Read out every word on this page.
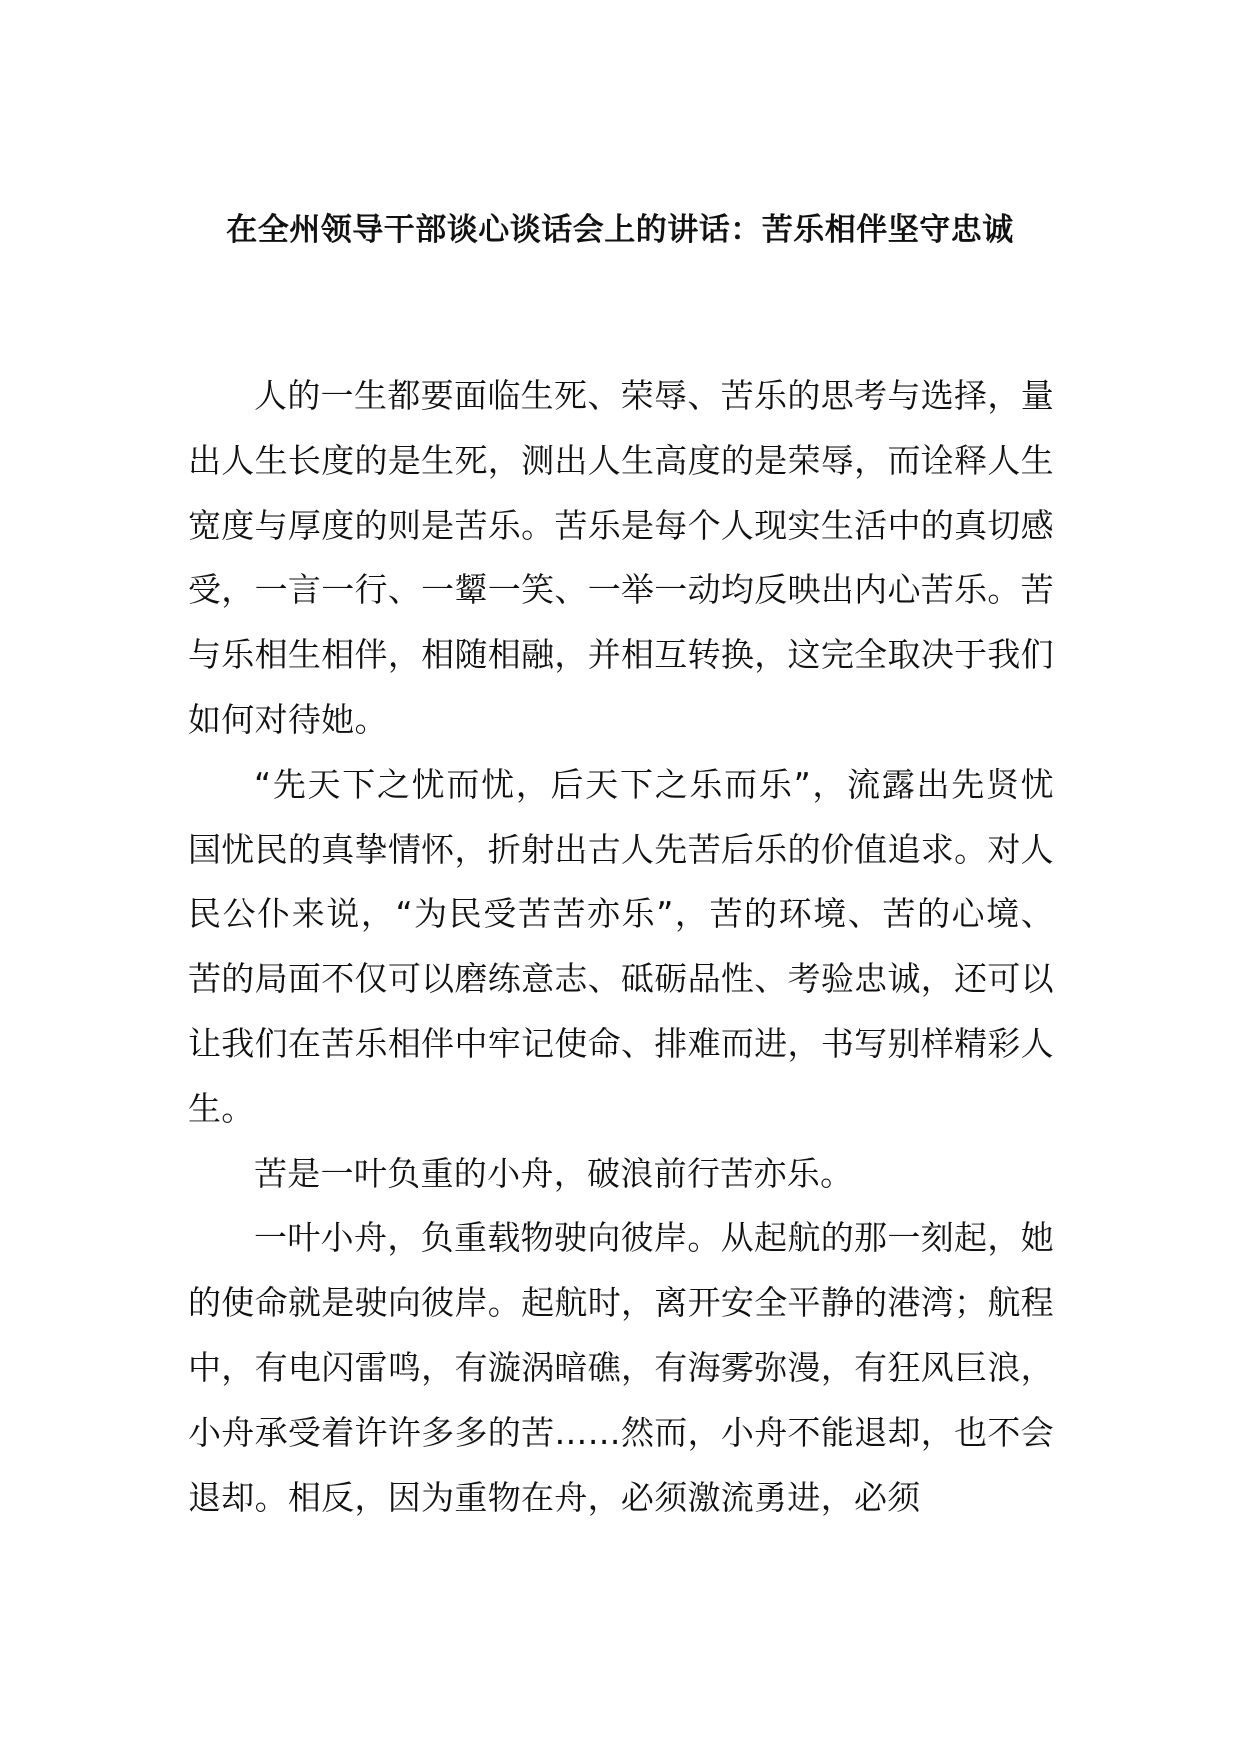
在全州领导干部谈心谈话会上的讲话：苦乐相伴坚守忠诚

人的一生都要面临生死、荣辱、苦乐的思考与选择，量出人生长度的是生死，测出人生高度的是荣辱，而诠释人生宽度与厚度的则是苦乐。苦乐是每个人现实生活中的真切感受，一言一行、一颦一笑、一举一动均反映出内心苦乐。苦与乐相生相伴，相随相融，并相互转换，这完全取决于我们如何对待她。

“先天下之忧而忧，后天下之乐而乐”，流露出先贤忧国忧民的真挚情怀，折射出古人先苦后乐的价值追求。对人民公仆来说，“为民受苦苦亦乐”，苦的环境、苦的心境、苦的局面不仅可以磨练意志、砥砺品性、考验忠诚，还可以让我们在苦乐相伴中牢记使命、排难而进，书写别样精彩人生。

苦是一叶负重的小舟，破浪前行苦亦乐。

一叶小舟，负重载物驶向彼岸。从起航的那一刻起，她的使命就是驶向彼岸。起航时，离开安全平静的港湾；航程中，有电闪雷鸣，有漩涡暗礁，有海雾弥漫，有狂风巨浪，小舟承受着许许多多的苦……然而，小舟不能退却，也不会退却。相反，因为重物在舟，必须激流勇进，必须
